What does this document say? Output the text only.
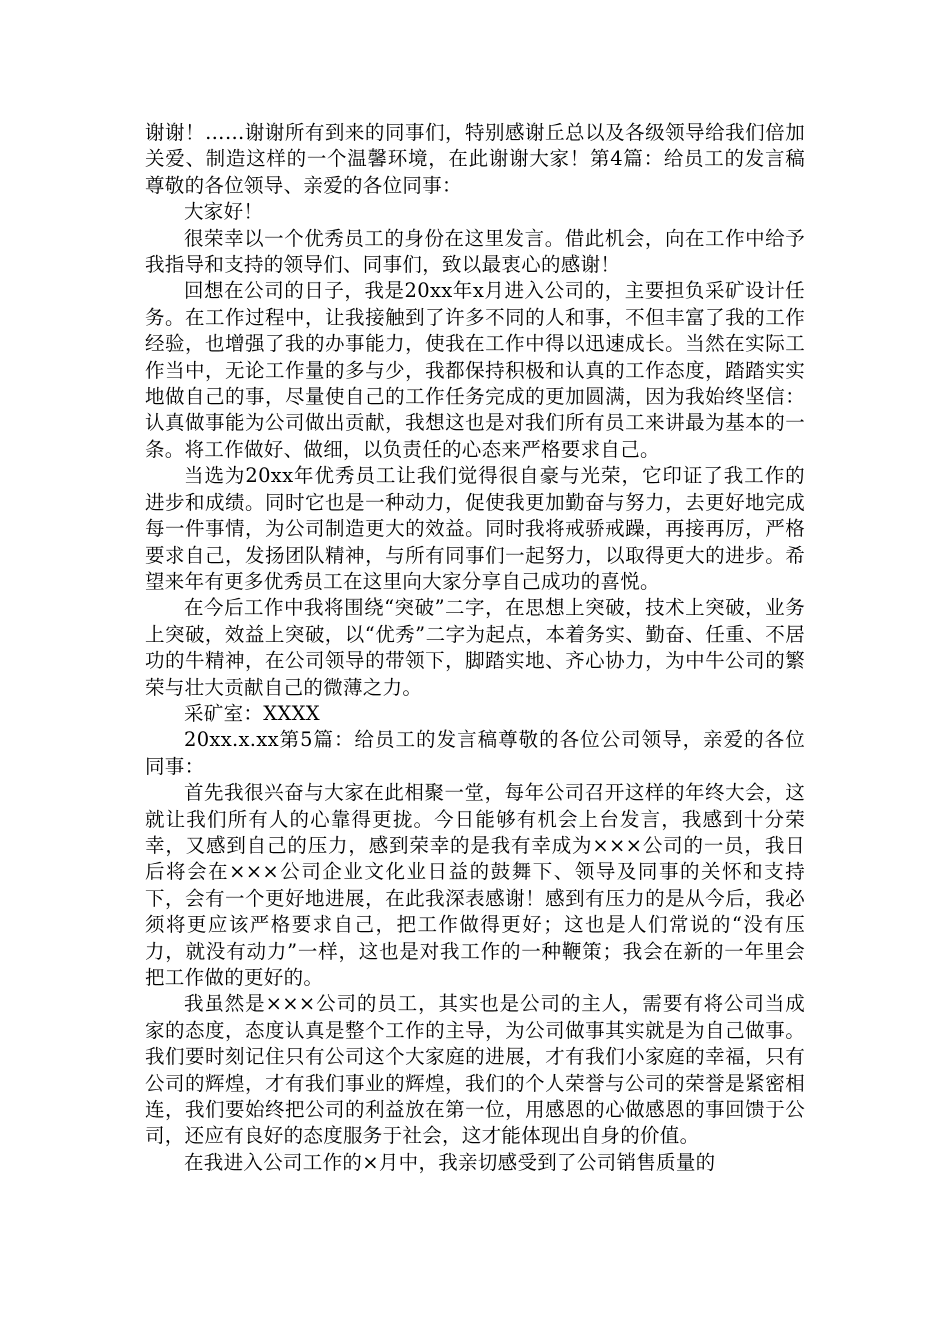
谢谢！……谢谢所有到来的同事们，特别感谢丘总以及各级领导给我们倍加关爱、制造这样的一个温馨环境，在此谢谢大家！第4篇：给员工的发言稿尊敬的各位领导、亲爱的各位同事：

大家好！

很荣幸以一个优秀员工的身份在这里发言。借此机会，向在工作中给予我指导和支持的领导们、同事们，致以最衷心的感谢！

回想在公司的日子，我是20xx年x月进入公司的，主要担负采矿设计任务。在工作过程中，让我接触到了许多不同的人和事，不但丰富了我的工作经验，也增强了我的办事能力，使我在工作中得以迅速成长。当然在实际工作当中，无论工作量的多与少，我都保持积极和认真的工作态度，踏踏实实地做自己的事，尽量使自己的工作任务完成的更加圆满，因为我始终坚信：认真做事能为公司做出贡献，我想这也是对我们所有员工来讲最为基本的一条。将工作做好、做细，以负责任的心态来严格要求自己。

当选为20xx年优秀员工让我们觉得很自豪与光荣，它印证了我工作的进步和成绩。同时它也是一种动力，促使我更加勤奋与努力，去更好地完成每一件事情，为公司制造更大的效益。同时我将戒骄戒躁，再接再厉，严格要求自己，发扬团队精神，与所有同事们一起努力，以取得更大的进步。希望来年有更多优秀员工在这里向大家分享自己成功的喜悦。

在今后工作中我将围绕“突破”二字，在思想上突破，技术上突破，业务上突破，效益上突破，以“优秀”二字为起点，本着务实、勤奋、任重、不居功的牛精神，在公司领导的带领下，脚踏实地、齐心协力，为中牛公司的繁荣与壮大贡献自己的微薄之力。

采矿室：XXXX

20xx.x.xx第5篇：给员工的发言稿尊敬的各位公司领导，亲爱的各位同事：

首先我很兴奋与大家在此相聚一堂，每年公司召开这样的年终大会，这就让我们所有人的心靠得更拢。今日能够有机会上台发言，我感到十分荣幸，又感到自己的压力，感到荣幸的是我有幸成为×××公司的一员，我日后将会在×××公司企业文化业日益的鼓舞下、领导及同事的关怀和支持下，会有一个更好地进展，在此我深表感谢！感到有压力的是从今后，我必须将更应该严格要求自己，把工作做得更好；这也是人们常说的“没有压力，就没有动力”一样，这也是对我工作的一种鞭策；我会在新的一年里会把工作做的更好的。

我虽然是×××公司的员工，其实也是公司的主人，需要有将公司当成家的态度，态度认真是整个工作的主导，为公司做事其实就是为自己做事。我们要时刻记住只有公司这个大家庭的进展，才有我们小家庭的幸福，只有公司的辉煌，才有我们事业的辉煌，我们的个人荣誉与公司的荣誉是紧密相连，我们要始终把公司的利益放在第一位，用感恩的心做感恩的事回馈于公司，还应有良好的态度服务于社会，这才能体现出自身的价值。

在我进入公司工作的×月中，我亲切感受到了公司销售质量的
